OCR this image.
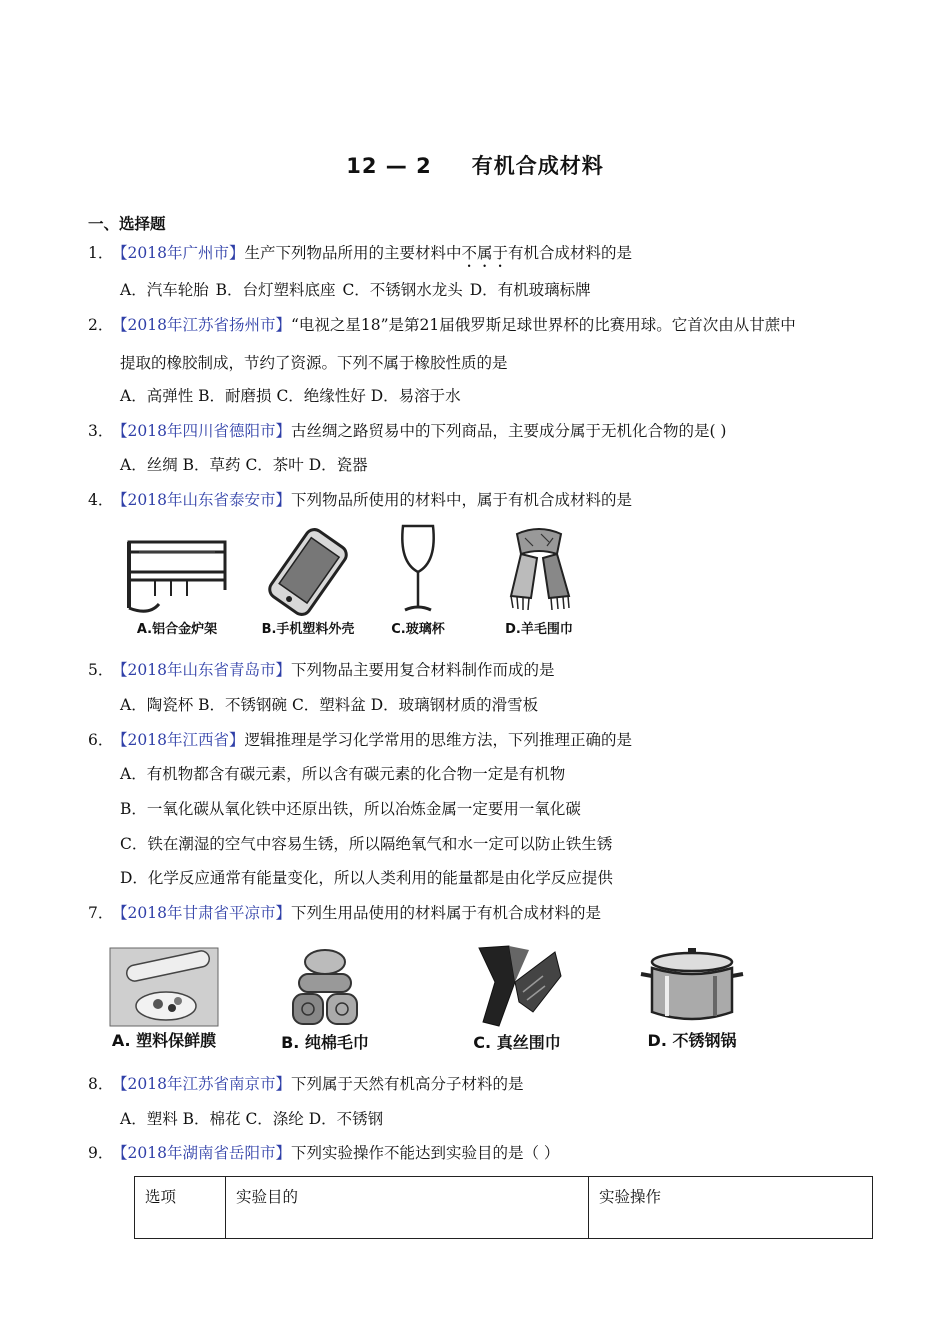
12 — 2 有机合成材料
一、选择题
1．【2018年广州市】生产下列物品所用的主要材料中不属于有机合成材料的是
A．汽车轮胎 B．台灯塑料底座 C．不锈钢水龙头 D．有机玻璃标牌
2．【2018年江苏省扬州市】“电视之星18”是第21届俄罗斯足球世界杯的比赛用球。它首次由从甘蔗中
提取的橡胶制成，节约了资源。下列不属于橡胶性质的是
A．高弹性 B．耐磨损 C．绝缘性好 D．易溶于水
3．【2018年四川省德阳市】古丝绸之路贸易中的下列商品，主要成分属于无机化合物的是( )
A．丝绸 B．草药 C．茶叶 D．瓷器
4．【2018年山东省泰安市】下列物品所使用的材料中，属于有机合成材料的是
A.铝合金炉架	B.手机塑料外壳	C.玻璃杯	D.羊毛围巾
5．【2018年山东省青岛市】下列物品主要用复合材料制作而成的是
A．陶瓷杯 B．不锈钢碗 C．塑料盆 D．玻璃钢材质的滑雪板
6．【2018年江西省】逻辑推理是学习化学常用的思维方法，下列推理正确的是
A．有机物都含有碳元素，所以含有碳元素的化合物一定是有机物
B．一氧化碳从氧化铁中还原出铁，所以冶炼金属一定要用一氧化碳
C．铁在潮湿的空气中容易生锈，所以隔绝氧气和水一定可以防止铁生锈
D．化学反应通常有能量变化，所以人类利用的能量都是由化学反应提供
7．【2018年甘肃省平凉市】下列生用品使用的材料属于有机合成材料的是
A. 塑料保鲜膜	B. 纯棉毛巾	C. 真丝围巾	D. 不锈钢锅
8．【2018年江苏省南京市】下列属于天然有机高分子材料的是
A．塑料 B．棉花 C．涤纶 D．不锈钢
9．【2018年湖南省岳阳市】下列实验操作不能达到实验目的是（ ）
选项	实验目的	实验操作
